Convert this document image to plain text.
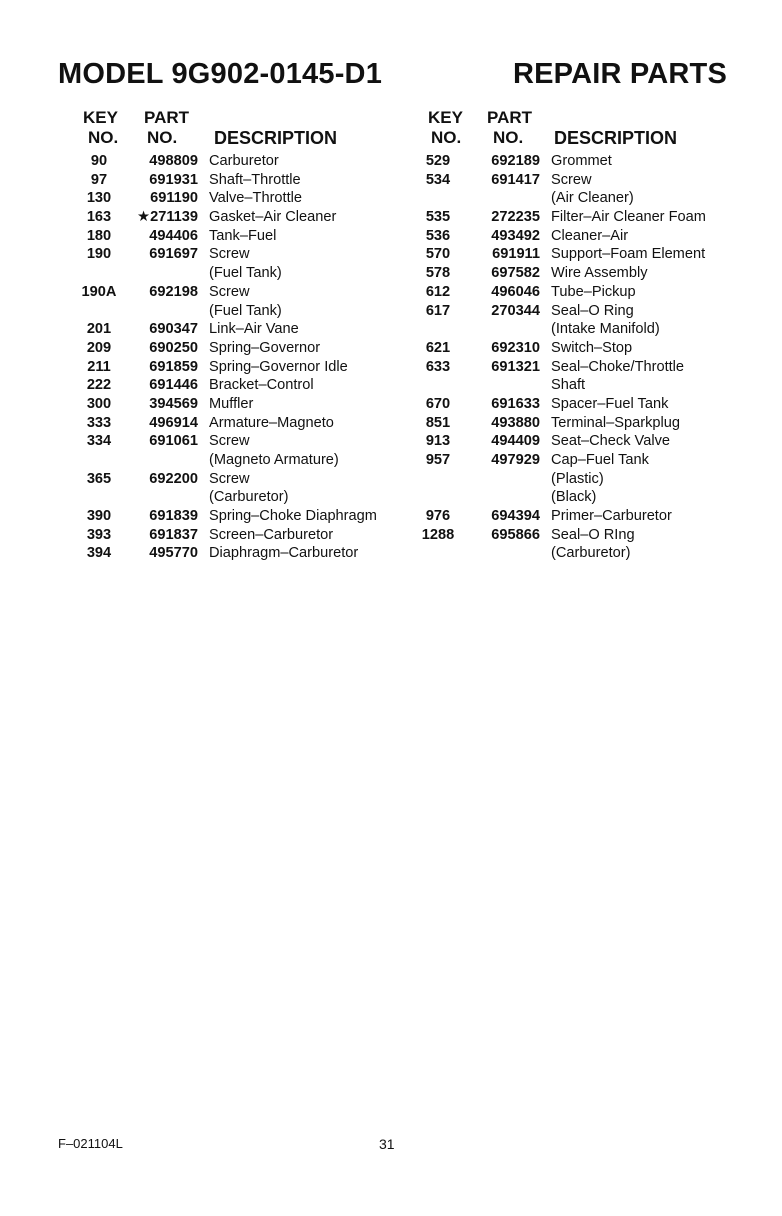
MODEL 9G902-0145-D1	REPAIR PARTS
KEY
NO.
PART
NO. DESCRIPTION
90	498809 Carburetor
97	691931 Shaft–Throttle
130	691190 Valve–Throttle
163	★271139 Gasket–Air Cleaner
180	494406 Tank–Fuel
190	691697 Screw
(Fuel Tank)
190A	692198 Screw
(Fuel Tank)
201	690347 Link–Air Vane
209	690250 Spring–Governor
211	691859 Spring–Governor Idle
222	691446 Bracket–Control
300	394569 Muffler
333	496914 Armature–Magneto
334	691061 Screw
(Magneto Armature)
365	692200 Screw
(Carburetor)
390	691839 Spring–Choke Diaphragm
393	691837 Screen–Carburetor
394	495770 Diaphragm–Carburetor
KEY
NO.
PART
NO. DESCRIPTION
529	692189 Grommet
534	691417 Screw
(Air Cleaner)
535	272235 Filter–Air Cleaner Foam
536	493492 Cleaner–Air
570	691911 Support–Foam Element
578	697582 Wire Assembly
612	496046 Tube–Pickup
617	270344 Seal–O Ring
(Intake Manifold)
621	692310 Switch–Stop
633	691321 Seal–Choke/Throttle
Shaft
670	691633 Spacer–Fuel Tank
851	493880 Terminal–Sparkplug
913	494409 Seat–Check Valve
957	497929 Cap–Fuel Tank
(Plastic)
(Black)
976	694394 Primer–Carburetor
1288	695866 Seal–O RIng
(Carburetor)
F–021104L	31
